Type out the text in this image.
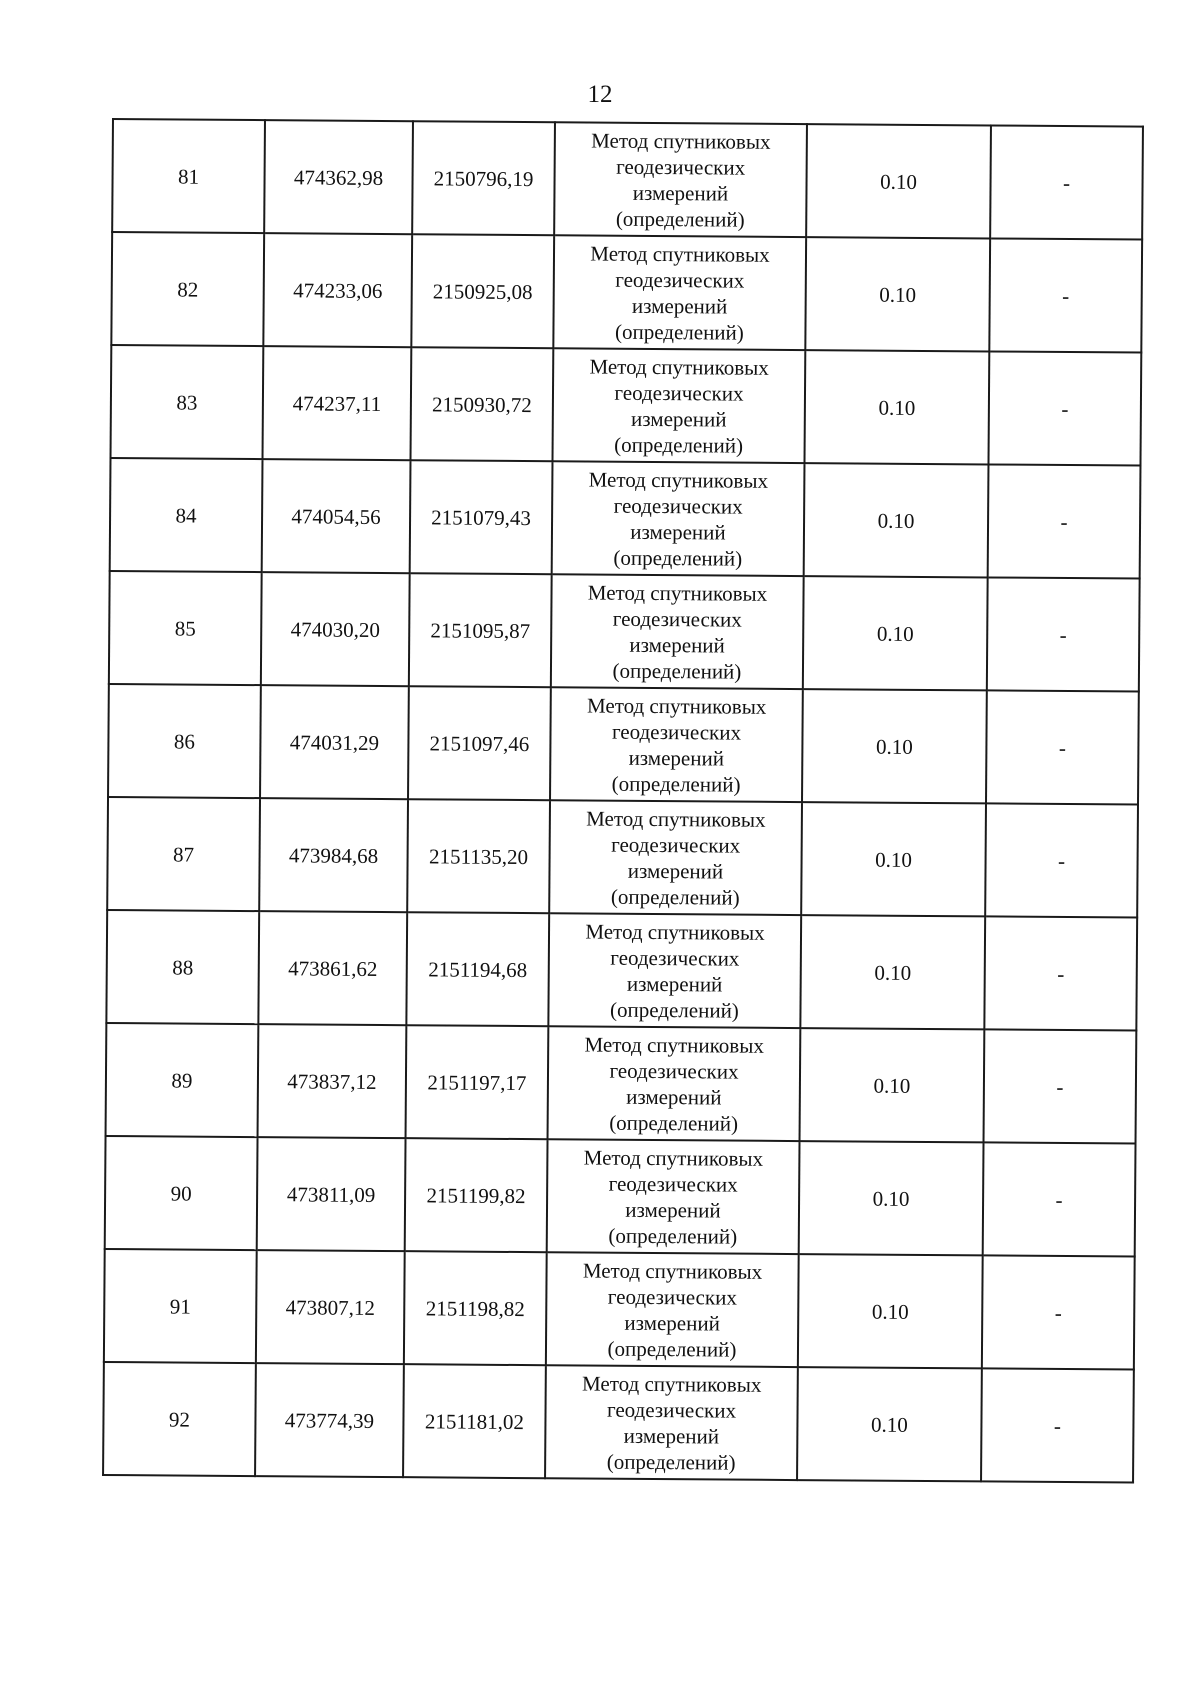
12
81	474362,98	2150796,19	Метод спутниковых
геодезических
измерений
(определений)	0.10	-
82	474233,06	2150925,08	Метод спутниковых
геодезических
измерений
(определений)	0.10	-
83	474237,11	2150930,72	Метод спутниковых
геодезических
измерений
(определений)	0.10	-
84	474054,56	2151079,43	Метод спутниковых
геодезических
измерений
(определений)	0.10	-
85	474030,20	2151095,87	Метод спутниковых
геодезических
измерений
(определений)	0.10	-
86	474031,29	2151097,46	Метод спутниковых
геодезических
измерений
(определений)	0.10	-
87	473984,68	2151135,20	Метод спутниковых
геодезических
измерений
(определений)	0.10	-
88	473861,62	2151194,68	Метод спутниковых
геодезических
измерений
(определений)	0.10	-
89	473837,12	2151197,17	Метод спутниковых
геодезических
измерений
(определений)	0.10	-
90	473811,09	2151199,82	Метод спутниковых
геодезических
измерений
(определений)	0.10	-
91	473807,12	2151198,82	Метод спутниковых
геодезических
измерений
(определений)	0.10	-
92	473774,39	2151181,02	Метод спутниковых
геодезических
измерений
(определений)	0.10	-
